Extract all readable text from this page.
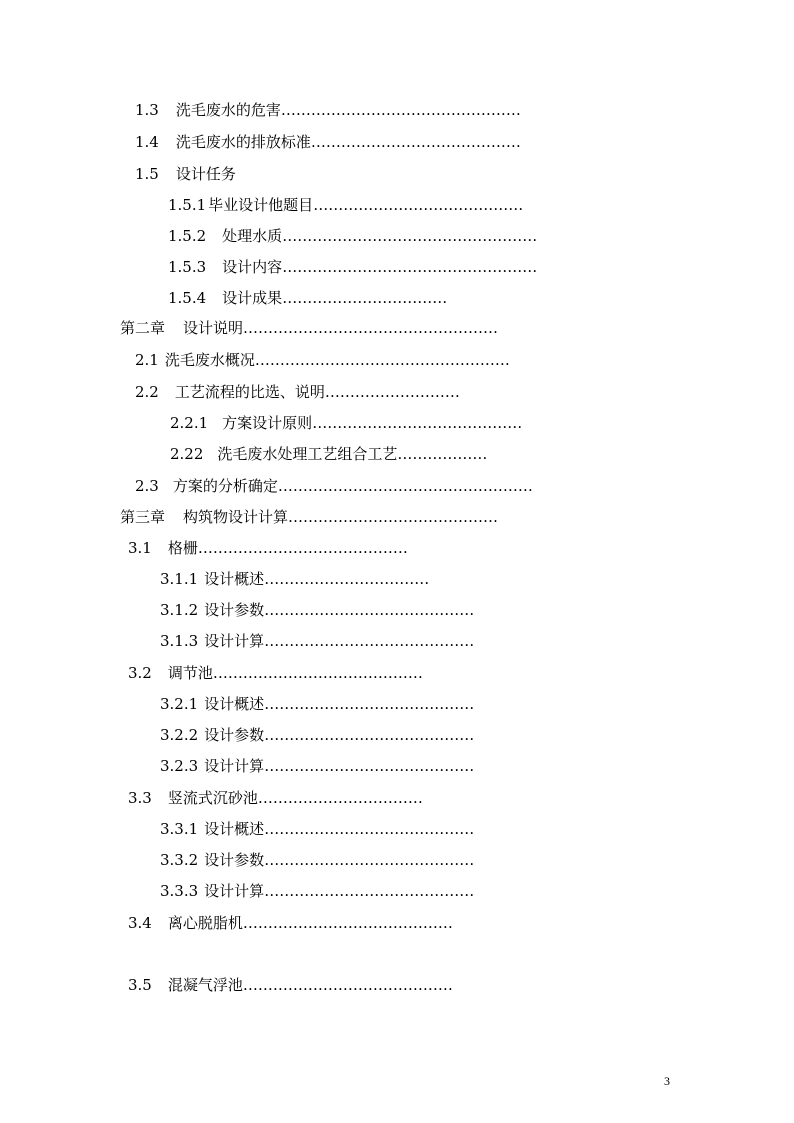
1.3 洗毛废水的危害…………………………………………
1.4 洗毛废水的排放标准……………………………………
1.5 设计任务
1.5.1 毕业设计他题目……………………………………
1.5.2 处理水质……………………………………………
1.5.3 设计内容……………………………………………
1.5.4 设计成果……………………………
第二章 设计说明……………………………………………
2.1 洗毛废水概况……………………………………………
2.2 工艺流程的比选、说明………………………
2.2.1 方案设计原则……………………………………
2.22 洗毛废水处理工艺组合工艺………………
2.3 方案的分析确定……………………………………………
第三章 构筑物设计计算……………………………………
3.1 格栅……………………………………
3.1.1 设计概述……………………………
3.1.2 设计参数……………………………………
3.1.3 设计计算……………………………………
3.2 调节池……………………………………
3.2.1 设计概述……………………………………
3.2.2 设计参数……………………………………
3.2.3 设计计算……………………………………
3.3 竖流式沉砂池……………………………
3.3.1 设计概述……………………………………
3.3.2 设计参数……………………………………
3.3.3 设计计算……………………………………
3.4 离心脱脂机……………………………………
3.5 混凝气浮池……………………………………
3
